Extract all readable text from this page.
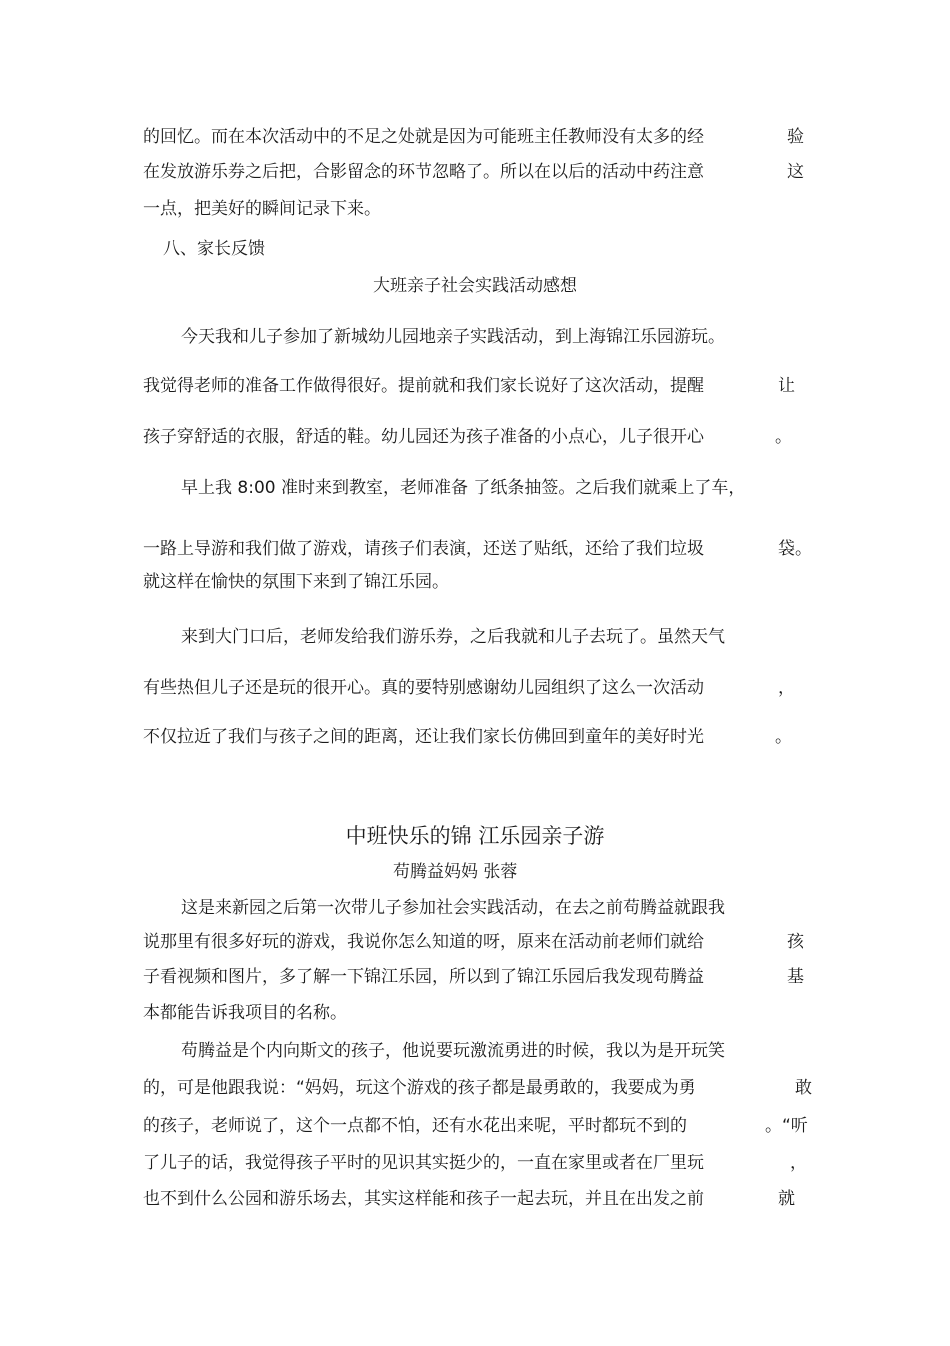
的回忆。而在本次活动中的不足之处就是因为可能班主任教师没有太多的经	验
在发放游乐券之后把，合影留念的环节忽略了。所以在以后的活动中药注意	这
一点，把美好的瞬间记录下来。
八、家长反馈
大班亲子社会实践活动感想
今天我和儿子参加了新城幼儿园地亲子实践活动，到上海锦江乐园游玩。
我觉得老师的准备工作做得很好。提前就和我们家长说好了这次活动，提醒	让
孩子穿舒适的衣服，舒适的鞋。幼儿园还为孩子准备的小点心，儿子很开心	。
早上我 8:00 准时来到教室，老师准备 了纸条抽签。之后我们就乘上了车，
一路上导游和我们做了游戏，请孩子们表演，还送了贴纸，还给了我们垃圾	袋。
就这样在愉快的氛围下来到了锦江乐园。
来到大门口后，老师发给我们游乐券，之后我就和儿子去玩了。虽然天气
有些热但儿子还是玩的很开心。真的要特别感谢幼儿园组织了这么一次活动	，
不仅拉近了我们与孩子之间的距离，还让我们家长仿佛回到童年的美好时光	。
中班快乐的锦 江乐园亲子游
苟腾益妈妈 张蓉
这是来新园之后第一次带儿子参加社会实践活动，在去之前苟腾益就跟我
说那里有很多好玩的游戏，我说你怎么知道的呀，原来在活动前老师们就给	孩
子看视频和图片，多了解一下锦江乐园，所以到了锦江乐园后我发现苟腾益	基
本都能告诉我项目的名称。
苟腾益是个内向斯文的孩子，他说要玩激流勇进的时候，我以为是开玩笑
的，可是他跟我说：“妈妈，玩这个游戏的孩子都是最勇敢的，我要成为勇	敢
的孩子，老师说了，这个一点都不怕，还有水花出来呢，平时都玩不到的	。“听
了儿子的话，我觉得孩子平时的见识其实挺少的，一直在家里或者在厂里玩	，
也不到什么公园和游乐场去，其实这样能和孩子一起去玩，并且在出发之前	就
